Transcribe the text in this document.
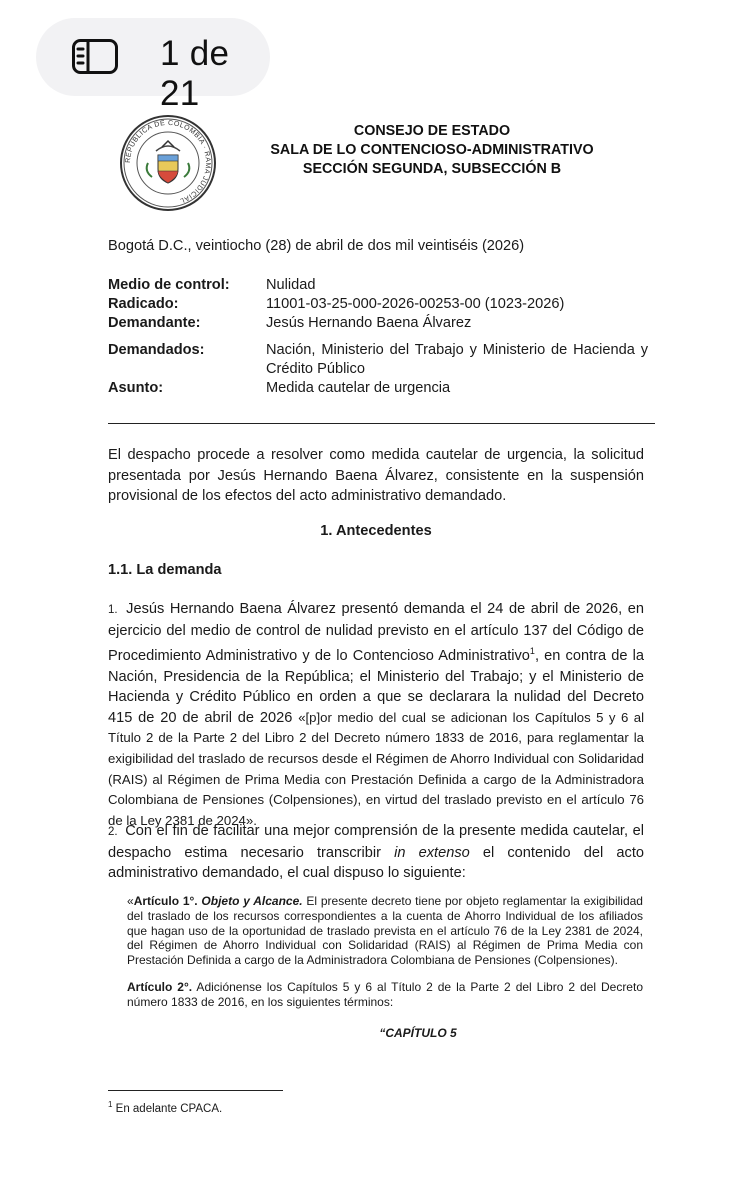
1 de 21
REPÚBLICA DE COLOMBIA · RAMA JUDICIAL
CONSEJO DE ESTADO
SALA DE LO CONTENCIOSO-ADMINISTRATIVO
SECCIÓN SEGUNDA, SUBSECCIÓN B
Bogotá D.C., veintiocho (28) de abril de dos mil veintiséis (2026)
Medio de control:	Nulidad
Radicado:	11001-03-25-000-2026-00253-00 (1023-2026)
Demandante:	Jesús Hernando Baena Álvarez
Demandados:	Nación, Ministerio del Trabajo y Ministerio de Hacienda y Crédito Público
Asunto:	Medida cautelar de urgencia
El despacho procede a resolver como medida cautelar de urgencia, la solicitud presentada por Jesús Hernando Baena Álvarez, consistente en la suspensión provisional de los efectos del acto administrativo demandado.
1. Antecedentes
1.1. La demanda
1. Jesús Hernando Baena Álvarez presentó demanda el 24 de abril de 2026, en ejercicio del medio de control de nulidad previsto en el artículo 137 del Código de Procedimiento Administrativo y de lo Contencioso Administrativo$^1$, en contra de la Nación, Presidencia de la República; el Ministerio del Trabajo; y el Ministerio de Hacienda y Crédito Público en orden a que se declarara la nulidad del Decreto 415 de 20 de abril de 2026 «[p]or medio del cual se adicionan los Capítulos 5 y 6 al Título 2 de la Parte 2 del Libro 2 del Decreto número 1833 de 2016, para reglamentar la exigibilidad del traslado de recursos desde el Régimen de Ahorro Individual con Solidaridad (RAIS) al Régimen de Prima Media con Prestación Definida a cargo de la Administradora Colombiana de Pensiones (Colpensiones), en virtud del traslado previsto en el artículo 76 de la Ley 2381 de 2024».
2. Con el fin de facilitar una mejor comprensión de la presente medida cautelar, el despacho estima necesario transcribir in extenso el contenido del acto administrativo demandado, el cual dispuso lo siguiente:
«Artículo 1°. Objeto y Alcance. El presente decreto tiene por objeto reglamentar la exigibilidad del traslado de los recursos correspondientes a la cuenta de Ahorro Individual de los afiliados que hagan uso de la oportunidad de traslado prevista en el artículo 76 de la Ley 2381 de 2024, del Régimen de Ahorro Individual con Solidaridad (RAIS) al Régimen de Prima Media con Prestación Definida a cargo de la Administradora Colombiana de Pensiones (Colpensiones).
Artículo 2°. Adiciónense los Capítulos 5 y 6 al Título 2 de la Parte 2 del Libro 2 del Decreto número 1833 de 2016, en los siguientes términos:
“CAPÍTULO 5
$^1$ En adelante CPACA.
